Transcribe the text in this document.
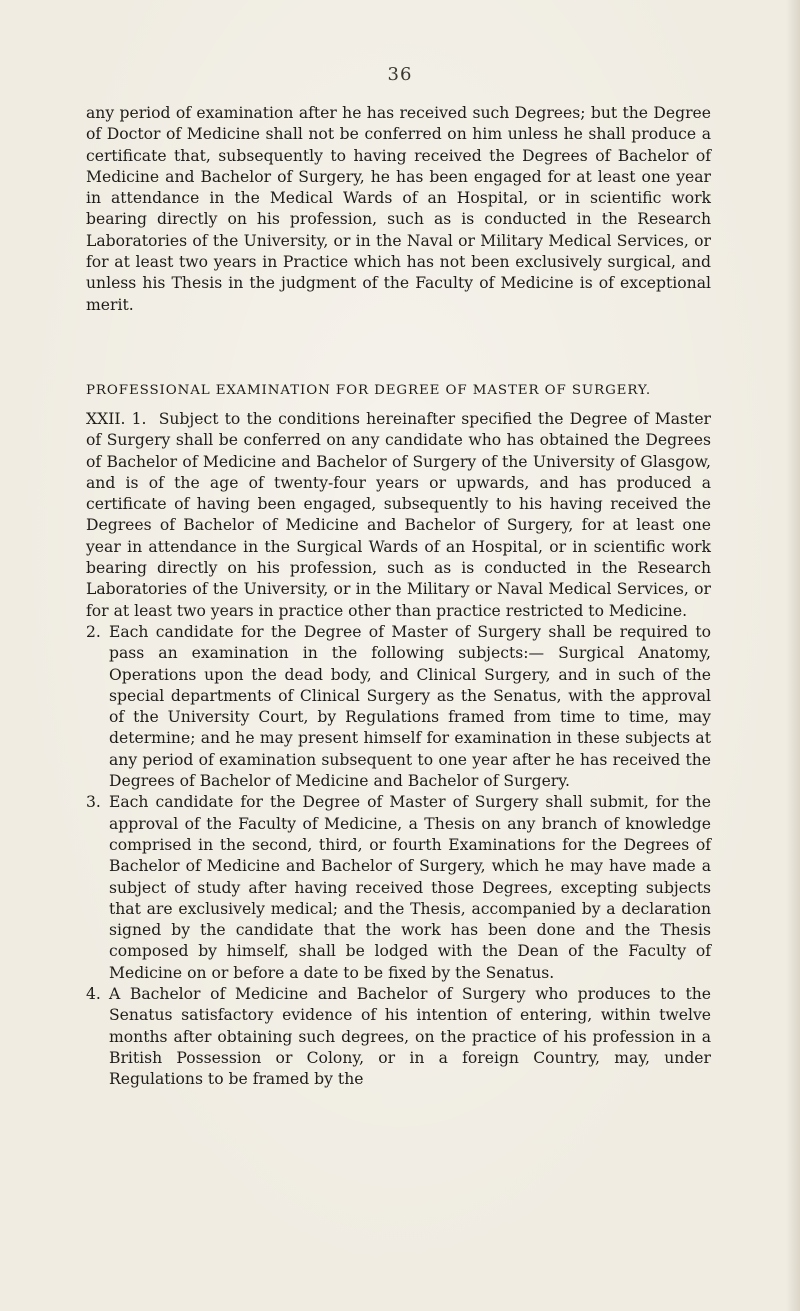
36

any period of examination after he has received such Degrees; but the Degree of Doctor of Medicine shall not be conferred on him unless he shall produce a certificate that, subsequently to having received the Degrees of Bachelor of Medicine and Bachelor of Surgery, he has been engaged for at least one year in attendance in the Medical Wards of an Hospital, or in scientific work bearing directly on his profession, such as is conducted in the Research Laboratories of the University, or in the Naval or Military Medical Services, or for at least two years in Practice which has not been exclusively surgical, and unless his Thesis in the judgment of the Faculty of Medicine is of exceptional merit.

PROFESSIONAL EXAMINATION FOR DEGREE OF MASTER OF SURGERY.

XXII. 1. Subject to the conditions hereinafter specified the Degree of Master of Surgery shall be conferred on any candidate who has obtained the Degrees of Bachelor of Medicine and Bachelor of Surgery of the University of Glasgow, and is of the age of twenty-four years or upwards, and has produced a certificate of having been engaged, subsequently to his having received the Degrees of Bachelor of Medicine and Bachelor of Surgery, for at least one year in attendance in the Surgical Wards of an Hospital, or in scientific work bearing directly on his profession, such as is conducted in the Research Laboratories of the University, or in the Military or Naval Medical Services, or for at least two years in practice other than practice restricted to Medicine.

2. Each candidate for the Degree of Master of Surgery shall be required to pass an examination in the following subjects:— Surgical Anatomy, Operations upon the dead body, and Clinical Surgery, and in such of the special departments of Clinical Surgery as the Senatus, with the approval of the University Court, by Regulations framed from time to time, may determine; and he may present himself for examination in these subjects at any period of examination subsequent to one year after he has received the Degrees of Bachelor of Medicine and Bachelor of Surgery.
3. Each candidate for the Degree of Master of Surgery shall submit, for the approval of the Faculty of Medicine, a Thesis on any branch of knowledge comprised in the second, third, or fourth Examinations for the Degrees of Bachelor of Medicine and Bachelor of Surgery, which he may have made a subject of study after having received those Degrees, excepting subjects that are exclusively medical; and the Thesis, accompanied by a declaration signed by the candidate that the work has been done and the Thesis composed by himself, shall be lodged with the Dean of the Faculty of Medicine on or before a date to be fixed by the Senatus.
4. A Bachelor of Medicine and Bachelor of Surgery who produces to the Senatus satisfactory evidence of his intention of entering, within twelve months after obtaining such degrees, on the practice of his profession in a British Possession or Colony, or in a foreign Country, may, under Regulations to be framed by the
